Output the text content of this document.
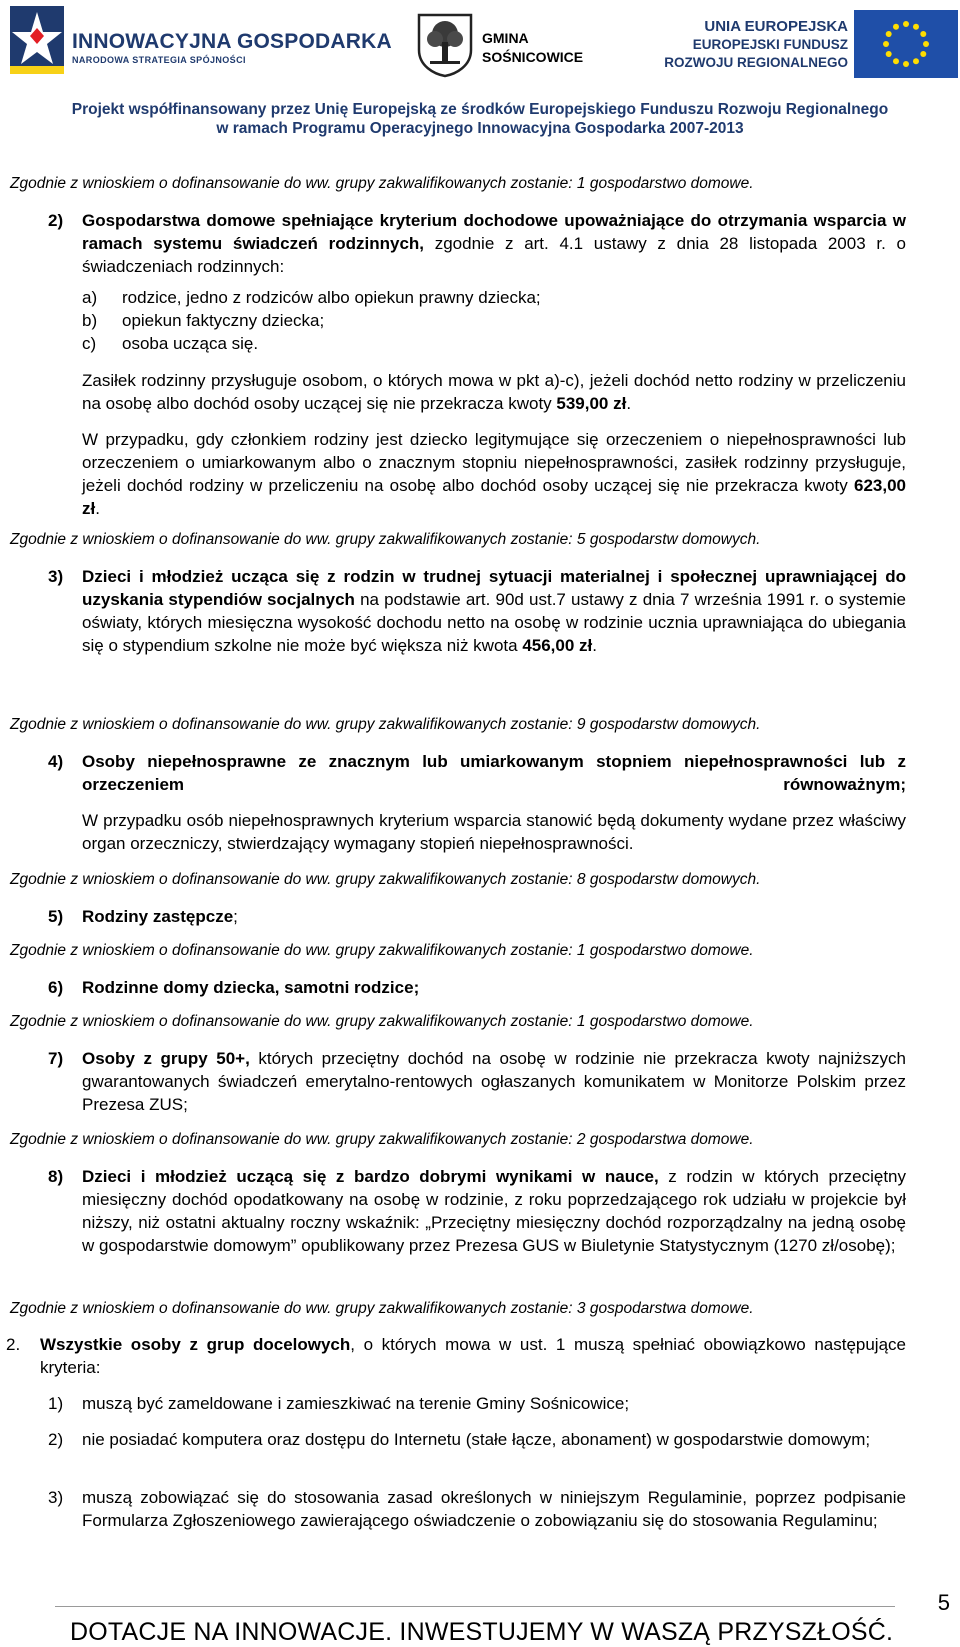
INNOWACYJNA GOSPODARKA
NARODOWA STRATEGIA SPÓJNOŚCI
GMINA
SOŚNICOWICE
UNIA EUROPEJSKA
EUROPEJSKI FUNDUSZ
ROZWOJU REGIONALNEGO
Projekt współfinansowany przez Unię Europejską ze środków Europejskiego Funduszu Rozwoju Regionalnego
w ramach Programu Operacyjnego Innowacyjna Gospodarka 2007-2013
Zgodnie z wnioskiem o dofinansowanie do ww. grupy zakwalifikowanych zostanie: 1 gospodarstwo domowe.
2) Gospodarstwa domowe spełniające kryterium dochodowe upoważniające do otrzymania wsparcia w ramach systemu świadczeń rodzinnych, zgodnie z art. 4.1 ustawy z dnia 28 listopada 2003 r. o świadczeniach rodzinnych:
a)	rodzice, jedno z rodziców albo opiekun prawny dziecka;
b)	opiekun faktyczny dziecka;
c)	osoba ucząca się.
Zasiłek rodzinny przysługuje osobom, o których mowa w pkt a)-c), jeżeli dochód netto rodziny w przeliczeniu na osobę albo dochód osoby uczącej się nie przekracza kwoty 539,00 zł.
W przypadku, gdy członkiem rodziny jest dziecko legitymujące się orzeczeniem o niepełnosprawności lub orzeczeniem o umiarkowanym albo o znacznym stopniu niepełnosprawności, zasiłek rodzinny przysługuje, jeżeli dochód rodziny w przeliczeniu na osobę albo dochód osoby uczącej się nie przekracza kwoty 623,00 zł.
Zgodnie z wnioskiem o dofinansowanie do ww. grupy zakwalifikowanych zostanie: 5 gospodarstw domowych.
3) Dzieci i młodzież ucząca się z rodzin w trudnej sytuacji materialnej i społecznej uprawniającej do uzyskania stypendiów socjalnych na podstawie art. 90d ust.7 ustawy z dnia 7 września 1991 r. o systemie oświaty, których miesięczna wysokość dochodu netto na osobę w rodzinie ucznia uprawniająca do ubiegania się o stypendium szkolne nie może być większa niż kwota 456,00 zł.
Zgodnie z wnioskiem o dofinansowanie do ww. grupy zakwalifikowanych zostanie: 9 gospodarstw domowych.
4) Osoby niepełnosprawne ze znacznym lub umiarkowanym stopniem niepełnosprawności lub z orzeczeniem równoważnym;
W przypadku osób niepełnosprawnych kryterium wsparcia stanowić będą dokumenty wydane przez właściwy organ orzeczniczy, stwierdzający wymagany stopień niepełnosprawności.
Zgodnie z wnioskiem o dofinansowanie do ww. grupy zakwalifikowanych zostanie: 8 gospodarstw domowych.
5) Rodziny zastępcze;
Zgodnie z wnioskiem o dofinansowanie do ww. grupy zakwalifikowanych zostanie: 1 gospodarstwo domowe.
6) Rodzinne domy dziecka, samotni rodzice;
Zgodnie z wnioskiem o dofinansowanie do ww. grupy zakwalifikowanych zostanie: 1 gospodarstwo domowe.
7) Osoby z grupy 50+, których przeciętny dochód na osobę w rodzinie nie przekracza kwoty najniższych gwarantowanych świadczeń emerytalno-rentowych ogłaszanych komunikatem w Monitorze Polskim przez Prezesa ZUS;
Zgodnie z wnioskiem o dofinansowanie do ww. grupy zakwalifikowanych zostanie: 2 gospodarstwa domowe.
8) Dzieci i młodzież uczącą się z bardzo dobrymi wynikami w nauce, z rodzin w których przeciętny miesięczny dochód opodatkowany na osobę w rodzinie, z roku poprzedzającego rok udziału w projekcie był niższy, niż ostatni aktualny roczny wskaźnik: „Przeciętny miesięczny dochód rozporządzalny na jedną osobę w gospodarstwie domowym” opublikowany przez Prezesa GUS w Biuletynie Statystycznym (1270 zł/osobę);
Zgodnie z wnioskiem o dofinansowanie do ww. grupy zakwalifikowanych zostanie: 3 gospodarstwa domowe.
2.	Wszystkie osoby z grup docelowych, o których mowa w ust. 1 muszą spełniać obowiązkowo następujące kryteria:
1)	muszą być zameldowane i zamieszkiwać na terenie Gminy Sośnicowice;
2)	nie posiadać komputera oraz dostępu do Internetu (stałe łącze, abonament) w gospodarstwie domowym;
3)	muszą zobowiązać się do stosowania zasad określonych w niniejszym Regulaminie, poprzez podpisanie Formularza Zgłoszeniowego zawierającego oświadczenie o zobowiązaniu się do stosowania Regulaminu;
5
DOTACJE NA INNOWACJE. INWESTUJEMY W WASZĄ PRZYSZŁOŚĆ.
